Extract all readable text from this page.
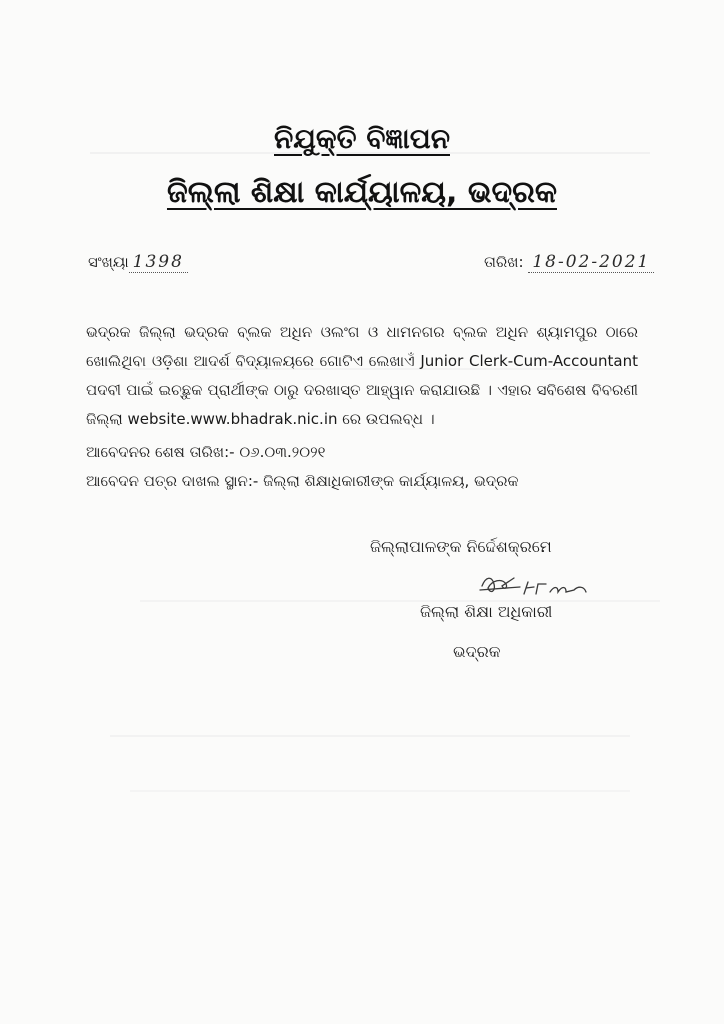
ନିଯୁକ୍ତି ବିଜ୍ଞାପନ
ଜିଲ୍ଲା ଶିକ୍ଷା କାର୍ଯ୍ୟାଳୟ, ଭଦ୍ରକ
ସଂଖ୍ୟା 1398	ତାରିଖ: 18-02-2021

ଭଦ୍ରକ ଜିଲ୍ଲା ଭଦ୍ରକ ବ୍ଲକ ଅଧିନ ଓଲଂଗ ଓ ଧାମନଗର ବ୍ଲକ ଅଧିନ ଶ୍ୟାମପୁର ଠାରେ ଖୋଲିଥିବା ଓଡ଼ିଶା ଆଦର୍ଶ ବିଦ୍ୟାଳୟରେ ଗୋଟିଏ ଲେଖାଏଁ Junior Clerk-Cum-Accountant ପଦବୀ ପାଇଁ ଇଚ୍ଛୁକ ପ୍ରାର୍ଥୀଙ୍କ ଠାରୁ ଦରଖାସ୍ତ ଆହ୍ୱାନ କରାଯାଉଛି । ଏହାର ସବିଶେଷ ବିବରଣୀ ଜିଲ୍ଲା website.www.bhadrak.nic.in ରେ ଉପଲବ୍ଧ ।

ଆବେଦନର ଶେଷ ତାରିଖ:- ୦୬.୦୩.୨୦୨୧
ଆବେଦନ ପତ୍ର ଦାଖଲ ସ୍ଥାନ:- ଜିଲ୍ଲା ଶିକ୍ଷାଧିକାରୀଙ୍କ କାର୍ଯ୍ୟାଳୟ, ଭଦ୍ରକ
ଜିଲ୍ଲାପାଳଙ୍କ ନିର୍ଦ୍ଦେଶକ୍ରମେ
ଜିଲ୍ଲା ଶିକ୍ଷା ଅଧିକାରୀ
ଭଦ୍ରକ
